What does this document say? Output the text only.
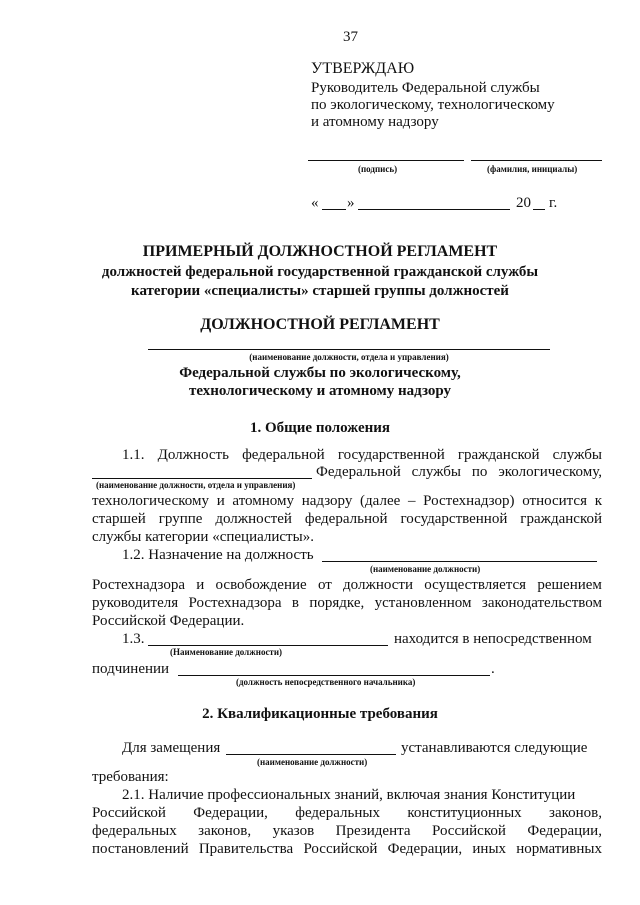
37
УТВЕРЖДАЮ
Руководитель Федеральной службы
по экологическому, технологическому
и атомному надзору
(подпись)	(фамилия, инициалы)
« »	20 г.
ПРИМЕРНЫЙ ДОЛЖНОСТНОЙ РЕГЛАМЕНТ
должностей федеральной государственной гражданской службы
категории «специалисты» старшей группы должностей
ДОЛЖНОСТНОЙ РЕГЛАМЕНТ
(наименование должности, отдела и управления)
Федеральной службы по экологическому,
технологическому и атомному надзору
1. Общие положения
1.1. Должность федеральной государственной гражданской службы
Федеральной службы по экологическому,
(наименование должности, отдела и управления)
технологическому и атомному надзору (далее – Ростехнадзор) относится к
старшей группе должностей федеральной государственной гражданской
службы категории «специалисты».
1.2. Назначение на должность
(наименование должности)
Ростехнадзора и освобождение от должности осуществляется решением
руководителя Ростехнадзора в порядке, установленном законодательством
Российской Федерации.
1.3.	находится в непосредственном
(Наименование должности)
подчинении	.
(должность непосредственного начальника)
2. Квалификационные требования
Для замещения	устанавливаются следующие
(наименование должности)
требования:
2.1. Наличие профессиональных знаний, включая знания Конституции
Российской Федерации, федеральных конституционных законов,
федеральных законов, указов Президента Российской Федерации,
постановлений Правительства Российской Федерации, иных нормативных
